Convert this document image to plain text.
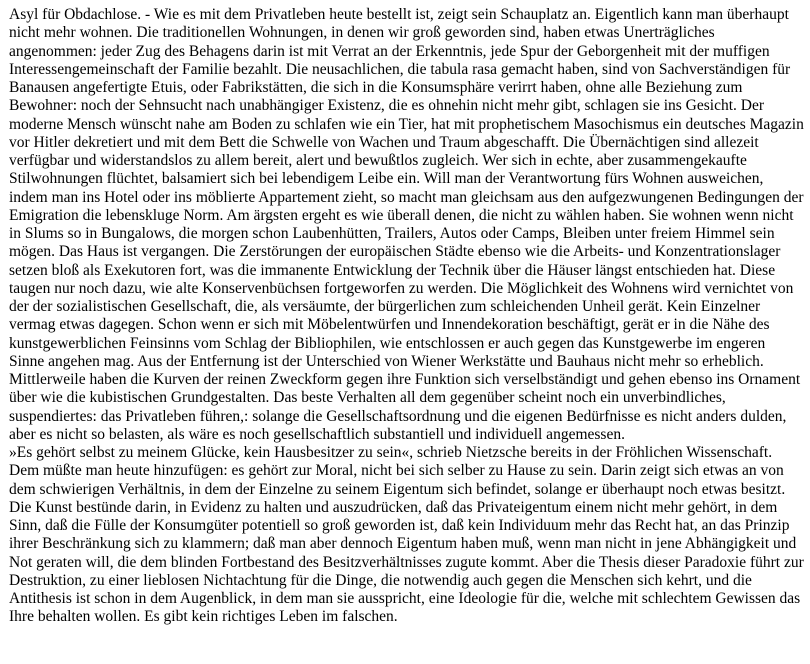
Asyl für Obdachlose. - Wie es mit dem Privatleben heute bestellt ist, zeigt sein Schauplatz an. Eigentlich kann man überhaupt nicht mehr wohnen. Die traditionellen Wohnungen, in denen wir groß geworden sind, haben etwas Unerträgliches angenommen: jeder Zug des Behagens darin ist mit Verrat an der Erkenntnis, jede Spur der Geborgenheit mit der muffigen Interessengemeinschaft der Familie bezahlt. Die neusachlichen, die tabula rasa gemacht haben, sind von Sachverständigen für Banausen angefertigte Etuis, oder Fabrikstätten, die sich in die Konsumsphäre verirrt haben, ohne alle Beziehung zum Bewohner: noch der Sehnsucht nach unabhängiger Existenz, die es ohnehin nicht mehr gibt, schlagen sie ins Gesicht. Der moderne Mensch wünscht nahe am Boden zu schlafen wie ein Tier, hat mit prophetischem Masochismus ein deutsches Magazin vor Hitler dekretiert und mit dem Bett die Schwelle von Wachen und Traum abgeschafft. Die Übernächtigen sind allezeit verfügbar und widerstandslos zu allem bereit, alert und bewußtlos zugleich. Wer sich in echte, aber zusammengekaufte Stilwohnungen flüchtet, balsamiert sich bei lebendigem Leibe ein. Will man der Verantwortung fürs Wohnen ausweichen, indem man ins Hotel oder ins möblierte Appartement zieht, so macht man gleichsam aus den aufgezwungenen Bedingungen der Emigration die lebenskluge Norm. Am ärgsten ergeht es wie überall denen, die nicht zu wählen haben. Sie wohnen wenn nicht in Slums so in Bungalows, die morgen schon Laubenhütten, Trailers, Autos oder Camps, Bleiben unter freiem Himmel sein mögen. Das Haus ist vergangen. Die Zerstörungen der europäischen Städte ebenso wie die Arbeits- und Konzentrationslager setzen bloß als Exekutoren fort, was die immanente Entwicklung der Technik über die Häuser längst entschieden hat. Diese taugen nur noch dazu, wie alte Konservenbüchsen fortgeworfen zu werden. Die Möglichkeit des Wohnens wird vernichtet von der der sozialistischen Gesellschaft, die, als versäumte, der bürgerlichen zum schleichenden Unheil gerät. Kein Einzelner vermag etwas dagegen. Schon wenn er sich mit Möbelentwürfen und Innendekoration beschäftigt, gerät er in die Nähe des kunstgewerblichen Feinsinns vom Schlag der Bibliophilen, wie entschlossen er auch gegen das Kunstgewerbe im engeren Sinne angehen mag. Aus der Entfernung ist der Unterschied von Wiener Werkstätte und Bauhaus nicht mehr so erheblich. Mittlerweile haben die Kurven der reinen Zweckform gegen ihre Funktion sich verselbständigt und gehen ebenso ins Ornament über wie die kubistischen Grundgestalten. Das beste Verhalten all dem gegenüber scheint noch ein unverbindliches, suspendiertes: das Privatleben führen,: solange die Gesellschaftsordnung und die eigenen Bedürfnisse es nicht anders dulden, aber es nicht so belasten, als wäre es noch gesellschaftlich substantiell und individuell angemessen.

»Es gehört selbst zu meinem Glücke, kein Hausbesitzer zu sein«, schrieb Nietzsche bereits in der Fröhlichen Wissenschaft. Dem müßte man heute hinzufügen: es gehört zur Moral, nicht bei sich selber zu Hause zu sein. Darin zeigt sich etwas an von dem schwierigen Verhältnis, in dem der Einzelne zu seinem Eigentum sich befindet, solange er überhaupt noch etwas besitzt. Die Kunst bestünde darin, in Evidenz zu halten und auszudrücken, daß das Privateigentum einem nicht mehr gehört, in dem Sinn, daß die Fülle der Konsumgüter potentiell so groß geworden ist, daß kein Individuum mehr das Recht hat, an das Prinzip ihrer Beschränkung sich zu klammern; daß man aber dennoch Eigentum haben muß, wenn man nicht in jene Abhängigkeit und Not geraten will, die dem blinden Fortbestand des Besitzverhältnisses zugute kommt. Aber die Thesis dieser Paradoxie führt zur Destruktion, zu einer lieblosen Nichtachtung für die Dinge, die notwendig auch gegen die Menschen sich kehrt, und die Antithesis ist schon in dem Augenblick, in dem man sie ausspricht, eine Ideologie für die, welche mit schlechtem Gewissen das Ihre behalten wollen. Es gibt kein richtiges Leben im falschen.
